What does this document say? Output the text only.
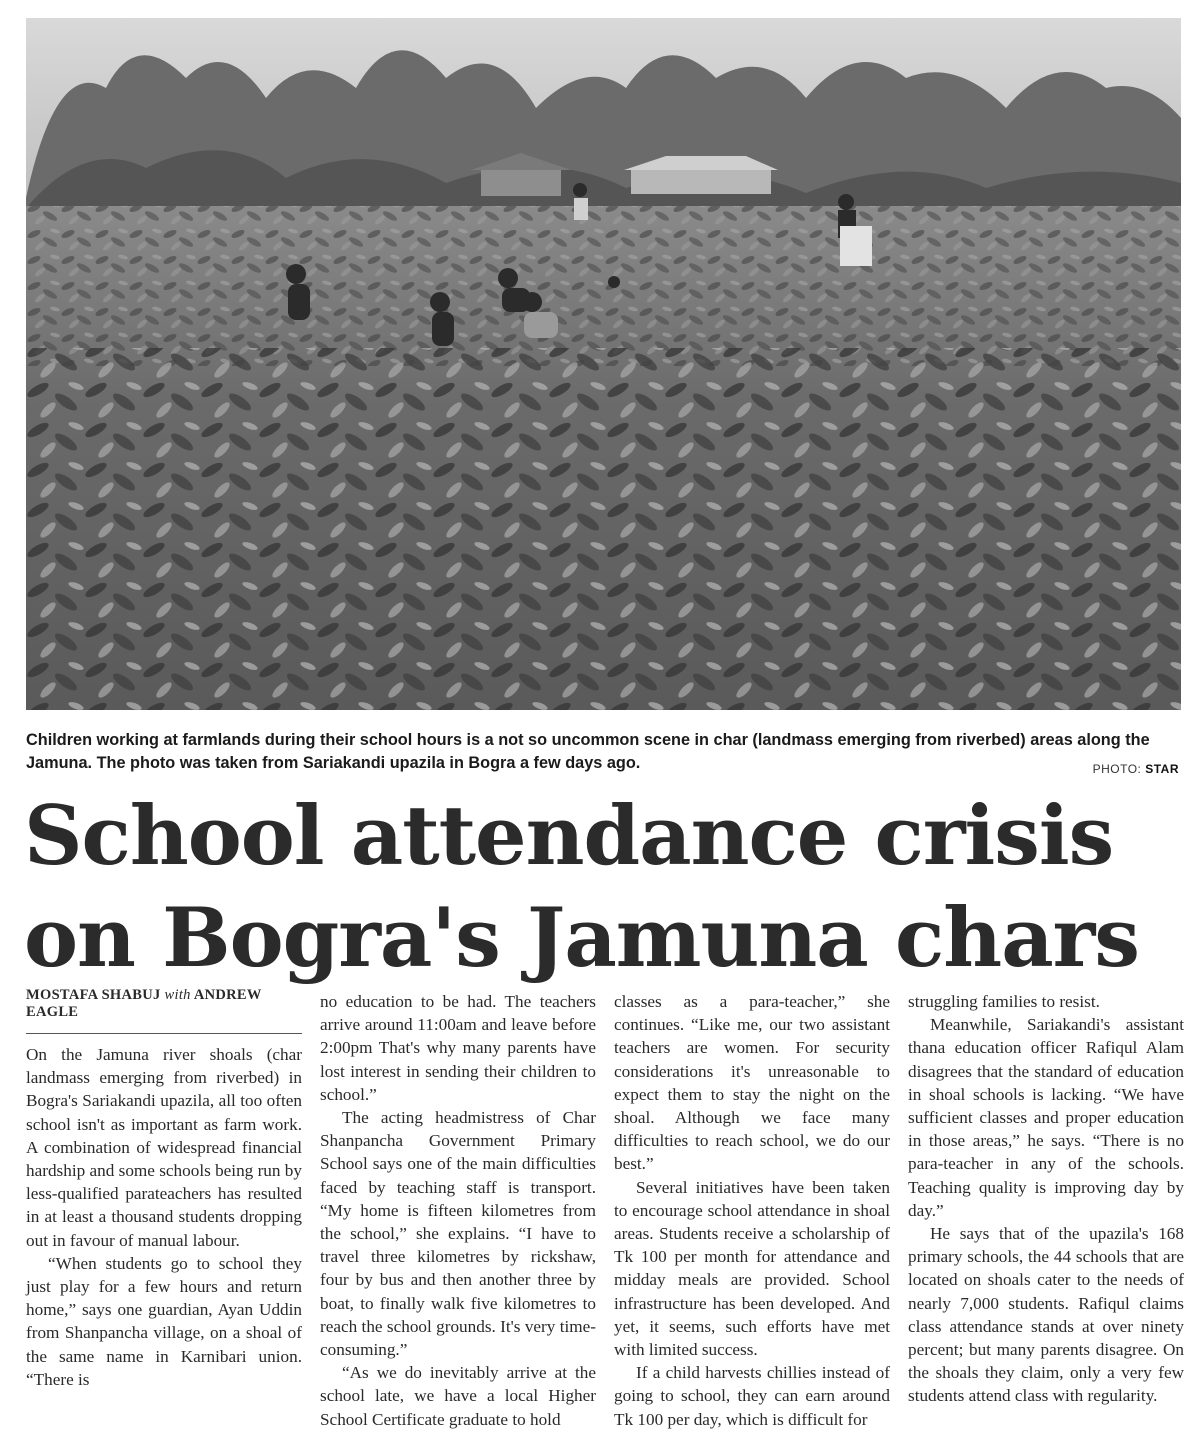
Children working at farmlands during their school hours is a not so uncommon scene in char (landmass emerging from riverbed) areas along the Jamuna. The photo was taken from Sariakandi upazila in Bogra a few days ago.	PHOTO: STAR
School attendance crisis on Bogra's Jamuna chars
MOSTAFA SHABUJ with ANDREW EAGLE

On the Jamuna river shoals (char landmass emerging from riverbed) in Bogra's Sariakandi upazila, all too often school isn't as important as farm work. A combination of widespread financial hardship and some schools being run by less-qualified parateachers has resulted in at least a thousand students dropping out in favour of manual labour.

“When students go to school they just play for a few hours and return home,” says one guardian, Ayan Uddin from Shanpancha village, on a shoal of the same name in Karnibari union. “There is

no education to be had. The teachers arrive around 11:00am and leave before 2:00pm That's why many parents have lost interest in sending their children to school.”

The acting headmistress of Char Shanpancha Government Primary School says one of the main difficulties faced by teaching staff is transport. “My home is fifteen kilometres from the school,” she explains. “I have to travel three kilometres by rickshaw, four by bus and then another three by boat, to finally walk five kilometres to reach the school grounds. It's very time-consuming.”

“As we do inevitably arrive at the school late, we have a local Higher School Certificate graduate to hold

classes as a para-teacher,” she continues. “Like me, our two assistant teachers are women. For security considerations it's unreasonable to expect them to stay the night on the shoal. Although we face many difficulties to reach school, we do our best.”

Several initiatives have been taken to encourage school attendance in shoal areas. Students receive a scholarship of Tk 100 per month for attendance and midday meals are provided. School infrastructure has been developed. And yet, it seems, such efforts have met with limited success.

If a child harvests chillies instead of going to school, they can earn around Tk 100 per day, which is difficult for

struggling families to resist.

Meanwhile, Sariakandi's assistant thana education officer Rafiqul Alam disagrees that the standard of education in shoal schools is lacking. “We have sufficient classes and proper education in those areas,” he says. “There is no para-teacher in any of the schools. Teaching quality is improving day by day.”

He says that of the upazila's 168 primary schools, the 44 schools that are located on shoals cater to the needs of nearly 7,000 students. Rafiqul claims class attendance stands at over ninety percent; but many parents disagree. On the shoals they claim, only a very few students attend class with regularity.
